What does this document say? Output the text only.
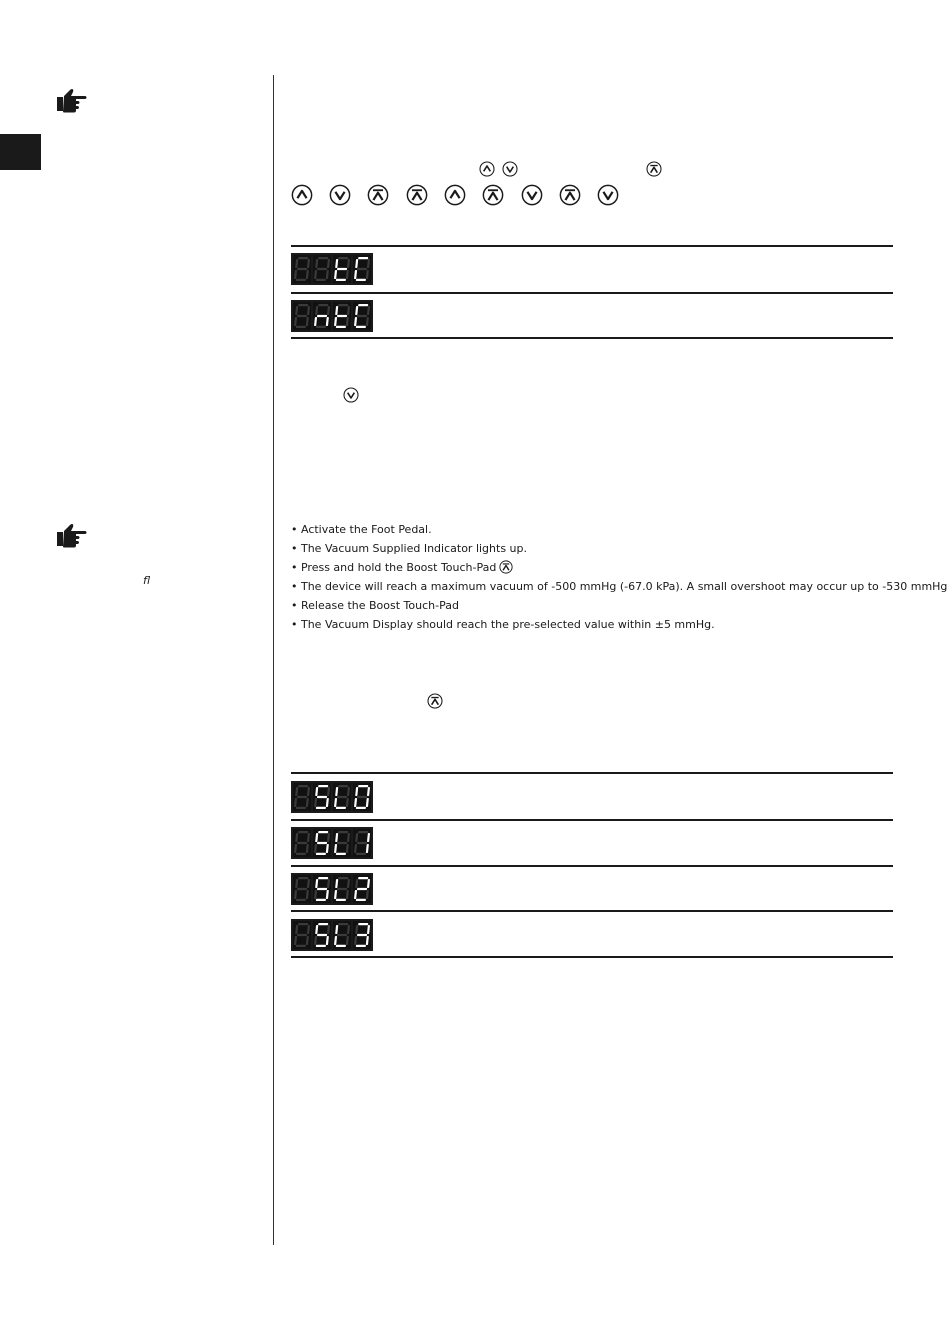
fl
• Activate the Foot Pedal.
• The Vacuum Supplied Indicator lights up.
• Press and hold the Boost Touch-Pad
• The device will reach a maximum vacuum of -500 mmHg (-67.0 kPa). A small overshoot may occur up to -530 mmHg
• Release the Boost Touch-Pad
• The Vacuum Display should reach the pre-selected value within ±5 mmHg.
